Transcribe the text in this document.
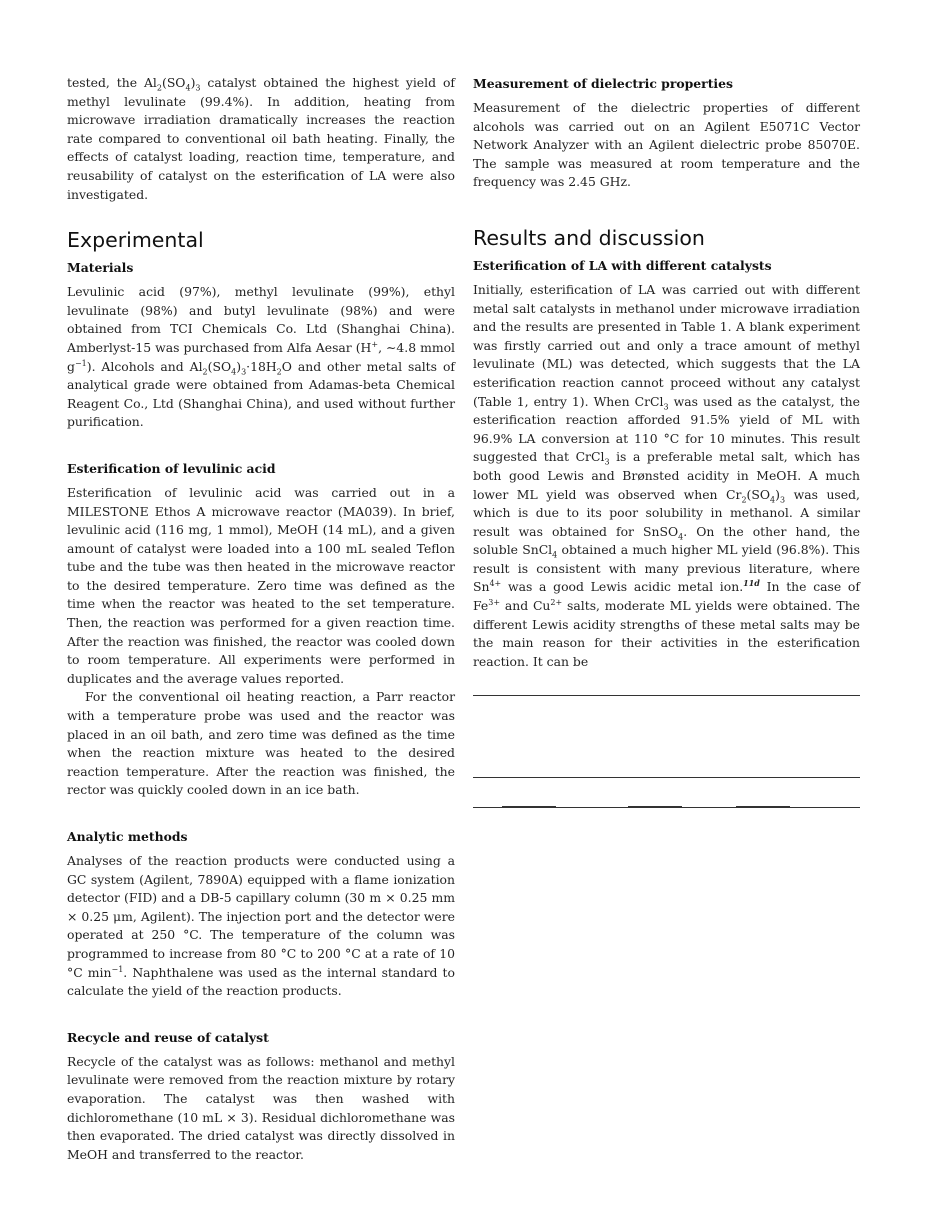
tested, the $Al_2(SO_4)_3$ catalyst obtained the highest yield of methyl levulinate (99.4%). In addition, heating from microwave irradiation dramatically increases the reaction rate compared to conventional oil bath heating. Finally, the effects of catalyst loading, reaction time, temperature, and reusability of catalyst on the esterification of LA were also investigated.

Experimental
Materials

Levulinic acid (97%), methyl levulinate (99%), ethyl levulinate (98%) and butyl levulinate (98%) and were obtained from TCI Chemicals Co. Ltd (Shanghai China). Amberlyst-15 was purchased from Alfa Aesar (H+, ∼4.8 mmol $g^{-1}$). Alcohols and $Al_2(SO_4)_3\cdot 18H_2O$ and other metal salts of analytical grade were obtained from Adamas-beta Chemical Reagent Co., Ltd (Shanghai China), and used without further purification.

Esterification of levulinic acid

Esterification of levulinic acid was carried out in a MILESTONE Ethos A microwave reactor (MA039). In brief, levulinic acid (116 mg, 1 mmol), MeOH (14 mL), and a given amount of catalyst were loaded into a 100 mL sealed Teflon tube and the tube was then heated in the microwave reactor to the desired temperature. Zero time was defined as the time when the reactor was heated to the set temperature. Then, the reaction was performed for a given reaction time. After the reaction was finished, the reactor was cooled down to room temperature. All experiments were performed in duplicates and the average values reported.

For the conventional oil heating reaction, a Parr reactor with a temperature probe was used and the reactor was placed in an oil bath, and zero time was defined as the time when the reaction mixture was heated to the desired reaction temperature. After the reaction was finished, the rector was quickly cooled down in an ice bath.

Analytic methods

Analyses of the reaction products were conducted using a GC system (Agilent, 7890A) equipped with a flame ionization detector (FID) and a DB-5 capillary column (30 m × 0.25 mm × 0.25 μm, Agilent). The injection port and the detector were operated at 250 °C. The temperature of the column was programmed to increase from 80 °C to 200 °C at a rate of 10 °C $\min^{-1}$. Naphthalene was used as the internal standard to calculate the yield of the reaction products.

Recycle and reuse of catalyst

Recycle of the catalyst was as follows: methanol and methyl levulinate were removed from the reaction mixture by rotary evaporation. The catalyst was then washed with dichloromethane (10 mL × 3). Residual dichloromethane was then evaporated. The dried catalyst was directly dissolved in MeOH and transferred to the reactor.

Measurement of dielectric properties

Measurement of the dielectric properties of different alcohols was carried out on an Agilent E5071C Vector Network Analyzer with an Agilent dielectric probe 85070E. The sample was measured at room temperature and the frequency was 2.45 GHz.

Results and discussion
Esterification of LA with different catalysts

Initially, esterification of LA was carried out with different metal salt catalysts in methanol under microwave irradiation and the results are presented in Table 1. A blank experiment was firstly carried out and only a trace amount of methyl levulinate (ML) was detected, which suggests that the LA esterification reaction cannot proceed without any catalyst (Table 1, entry 1). When CrCl$_3$ was used as the catalyst, the esterification reaction afforded 91.5% yield of ML with 96.9% LA conversion at 110 °C for 10 minutes. This result suggested that CrCl$_3$ is a preferable metal salt, which has both good Lewis and Brønsted acidity in MeOH. A much lower ML yield was observed when $Cr_2(SO_4)_3$ was used, which is due to its poor solubility in methanol. A similar result was obtained for SnSO$_4$. On the other hand, the soluble SnCl$_4$ obtained a much higher ML yield (96.8%). This result is consistent with many previous literature, where $Sn^{4+}$ was a good Lewis acidic metal ion.$^{11d}$ In the case of $Fe^{3+}$ and $Cu^{2+}$ salts, moderate ML yields were obtained. The different Lewis acidity strengths of these metal salts may be the main reason for their activities in the esterification reaction. It can be
